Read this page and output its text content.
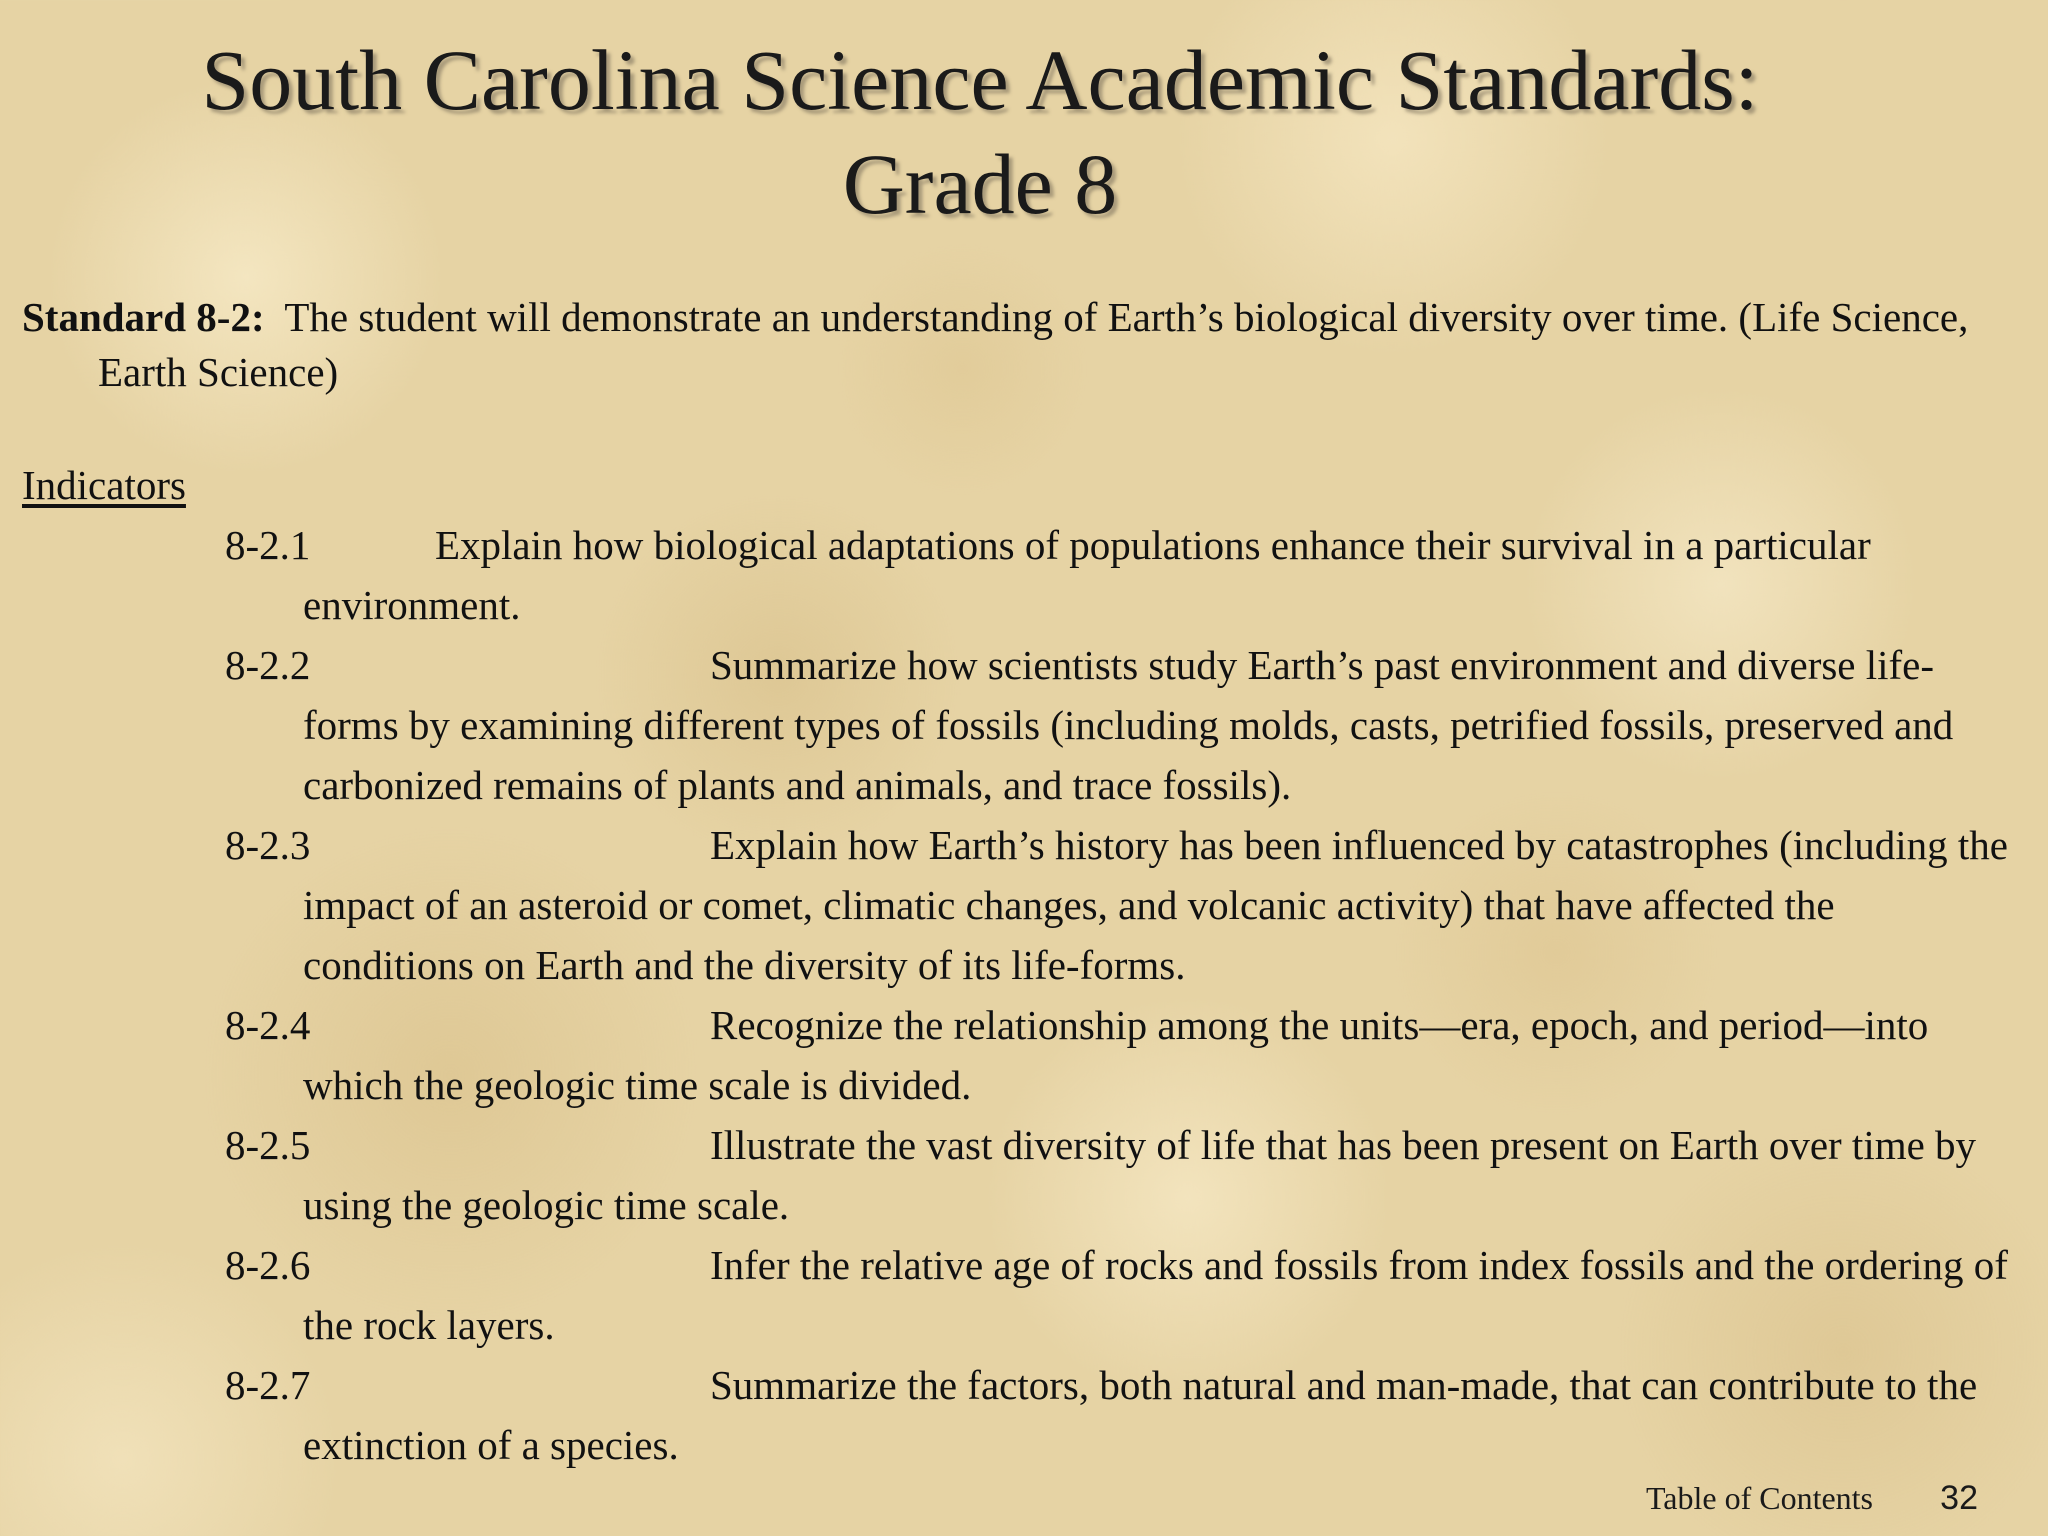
South Carolina Science Academic Standards:
Grade 8
Standard 8-2: The student will demonstrate an understanding of Earth’s biological diversity over time. (Life Science, Earth Science)
Indicators
8-2.1	Explain how biological adaptations of populations enhance their survival in a particular environment.
8-2.2	Summarize how scientists study Earth’s past environment and diverse life-forms by examining different types of fossils (including molds, casts, petrified fossils, preserved and carbonized remains of plants and animals, and trace fossils).
8-2.3	Explain how Earth’s history has been influenced by catastrophes (including the impact of an asteroid or comet, climatic changes, and volcanic activity) that have affected the conditions on Earth and the diversity of its life-forms.
8-2.4	Recognize the relationship among the units—era, epoch, and period—into which the geologic time scale is divided.
8-2.5	Illustrate the vast diversity of life that has been present on Earth over time by using the geologic time scale.
8-2.6	Infer the relative age of rocks and fossils from index fossils and the ordering of the rock layers.
8-2.7	Summarize the factors, both natural and man-made, that can contribute to the extinction of a species.
Table of Contents 32
